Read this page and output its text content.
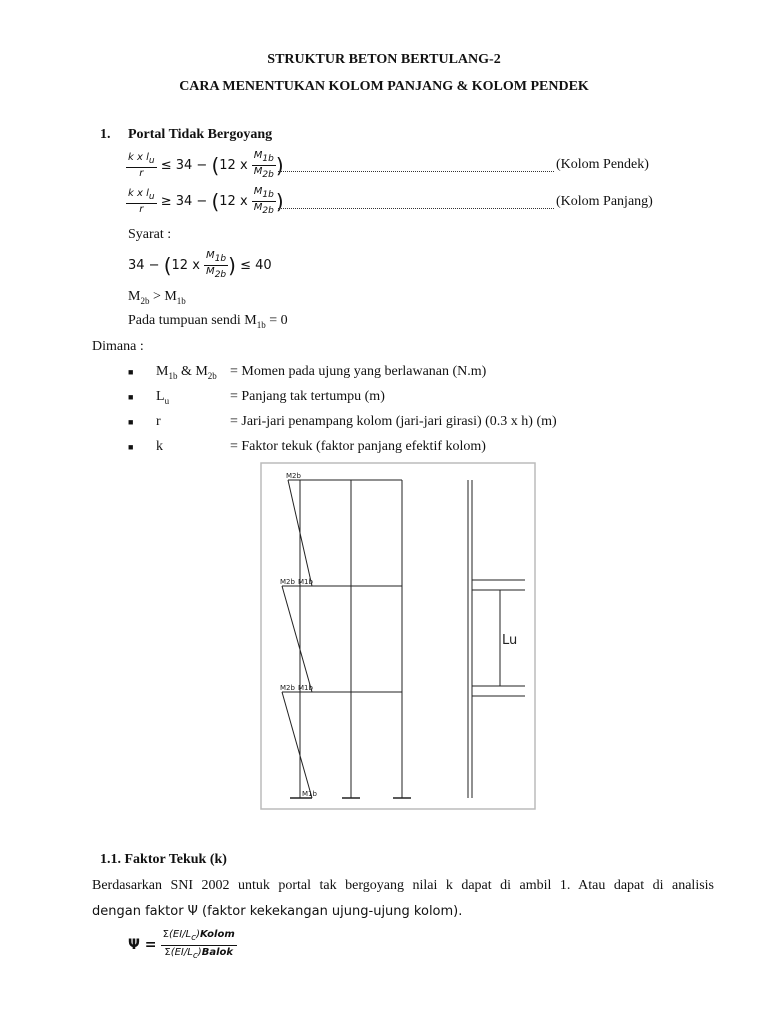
STRUKTUR BETON BERTULANG-2
CARA MENENTUKAN KOLOM PANJANG & KOLOM PENDEK
1. Portal Tidak Bergoyang
$\frac{k x l_u}{r} \le 34 - (12$ x $\frac{M_{1b}}{M_{2b}}$ )	(Kolom Pendek)
$\frac{k x l_u}{r} \ge 34 - (12$ x $\frac{M_{1b}}{M_{2b}}$ )	(Kolom Panjang)
Syarat :
34 − (12 x $\frac{M_{1b}}{M_{2b}}$ ) ≤ 40
$M_{2b} > M_{1b}$
Pada tumpuan sendi $M_{1b} = 0$
Dimana :
■ $M_{1b}$ & $M_{2b}$ = Momen pada ujung yang berlawanan (N.m)
■ $L_u$	= Panjang tak tertumpu (m)
■ r	= Jari-jari penampang kolom (jari-jari girasi) (0.3 x h) (m)
■ k	= Faktor tekuk (faktor panjang efektif kolom)
M2b
M2b M1b
M2b M1b
M1b
Lu
1.1. Faktor Tekuk (k)
Berdasarkan SNI 2002 untuk portal tak bergoyang nilai k dapat di ambil 1. Atau dapat di analisis
dengan faktor Ψ (faktor kekekangan ujung-ujung kolom).
$\Psi = \frac{\Sigma(EI/L_c)Kolom}{\Sigma(EI/L_c)Balok}$
